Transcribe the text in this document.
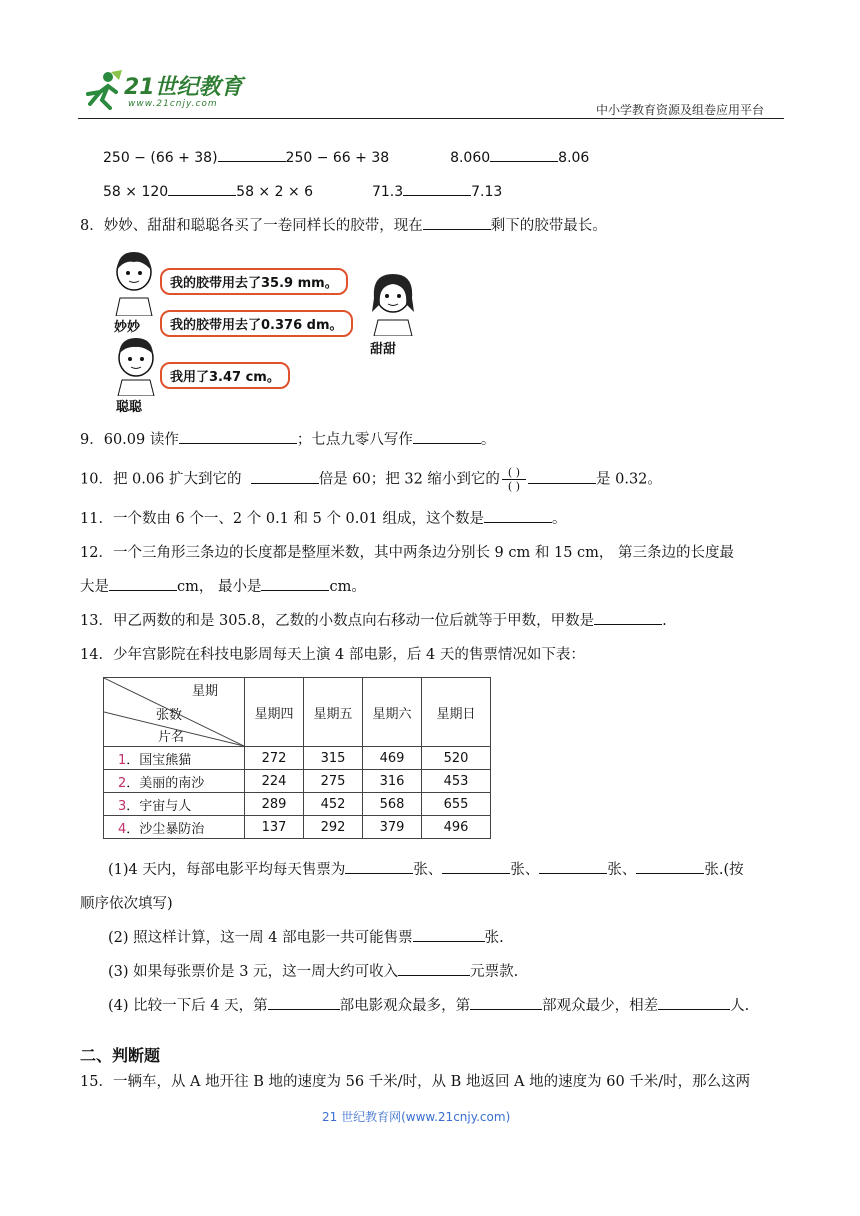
21世纪教育
www.21cnjy.com	中小学教育资源及组卷应用平台
250 − (66 + 38)	250 − 66 + 38	8.060	8.06
58 × 120	58 × 2 × 6	71.3	7.13
8．妙妙、甜甜和聪聪各买了一卷同样长的胶带，现在	剩下的胶带最长。
妙妙
我的胶带用去了35.9 mm。
我的胶带用去了0.376 dm。
甜甜
聪聪
我用了3.47 cm。
9．60.09 读作	；七点九零八写作	。
10．把 0.06 扩大到它的	倍是 60；把 32 缩小到它的 $\frac{( )}{( )}$	是 0.32。
11．一个数由 6 个一、2 个 0.1 和 5 个 0.01 组成，这个数是	。
12．一个三角形三条边的长度都是整厘米数，其中两条边分别长 9 cm 和 15 cm， 第三条边的长度最
大是	cm， 最小是	cm。
13．甲乙两数的和是 305.8，乙数的小数点向右移动一位后就等于甲数，甲数是	.
14．少年宫影院在科技电影周每天上演 4 部电影，后 4 天的售票情况如下表：
星期
张数
片名	星期四	星期五	星期六	星期日
1．国宝熊猫	272	315	469	520
2．美丽的南沙	224	275	316	453
3．宇宙与人	289	452	568	655
4．沙尘暴防治	137	292	379	496
(1)4 天内，每部电影平均每天售票为	张、	张、	张、	张.(按
顺序依次填写)
(2) 照这样计算，这一周 4 部电影一共可能售票	张.
(3) 如果每张票价是 3 元，这一周大约可收入	元票款.
(4) 比较一下后 4 天，第	部电影观众最多，第	部观众最少，相差	人.
二、判断题
15．一辆车，从 A 地开往 B 地的速度为 56 千米/时，从 B 地返回 A 地的速度为 60 千米/时，那么这两
21 世纪教育网(www.21cnjy.com)
